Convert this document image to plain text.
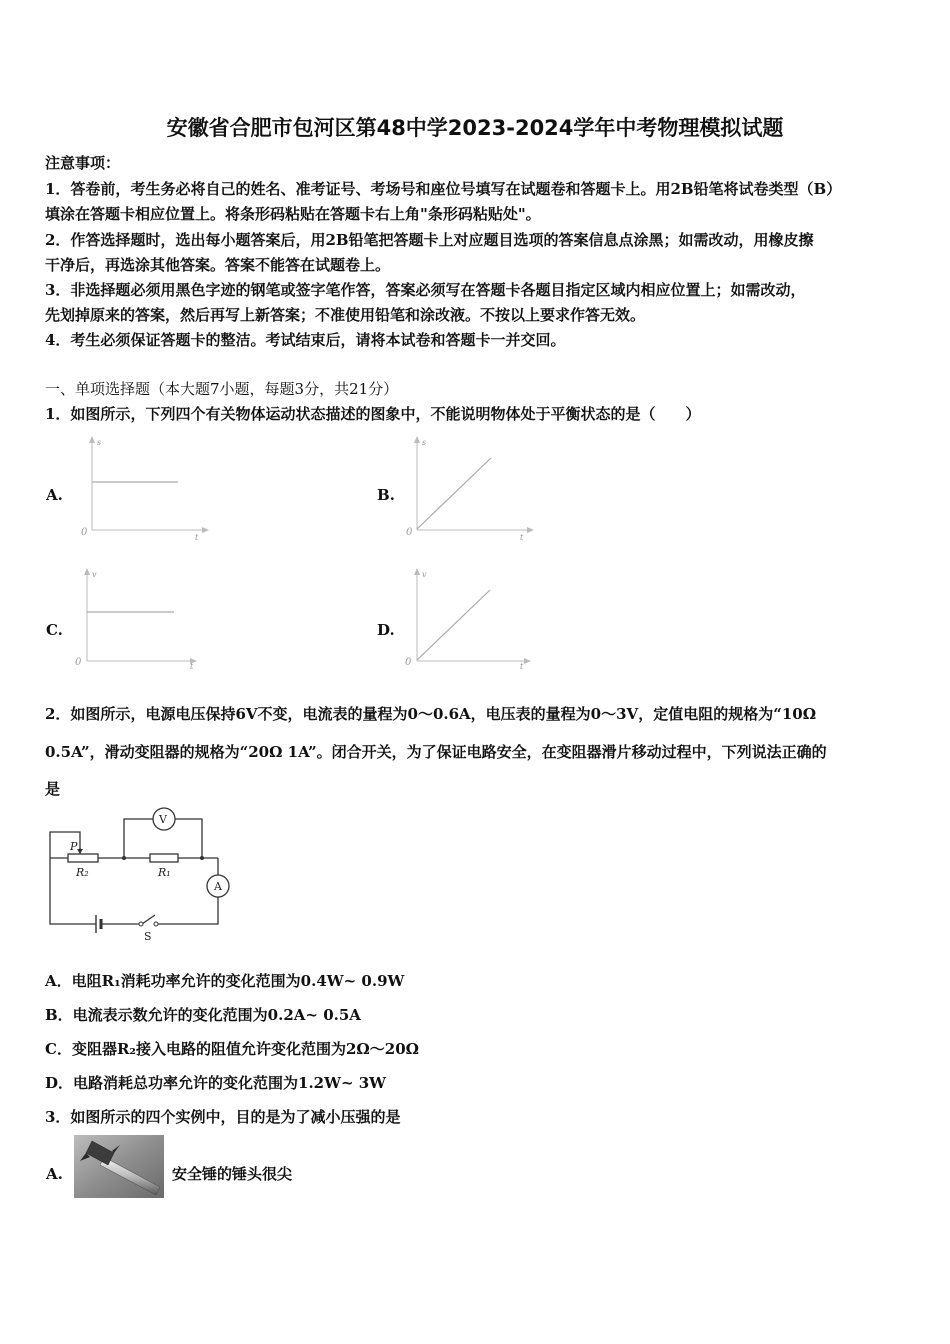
安徽省合肥市包河区第48中学2023-2024学年中考物理模拟试题
注意事项：
1．答卷前，考生务必将自己的姓名、准考证号、考场号和座位号填写在试题卷和答题卡上。用2B铅笔将试卷类型（B）
填涂在答题卡相应位置上。将条形码粘贴在答题卡右上角"条形码粘贴处"。
2．作答选择题时，选出每小题答案后，用2B铅笔把答题卡上对应题目选项的答案信息点涂黑；如需改动，用橡皮擦
干净后，再选涂其他答案。答案不能答在试题卷上。
3．非选择题必须用黑色字迹的钢笔或签字笔作答，答案必须写在答题卡各题目指定区域内相应位置上；如需改动，
先划掉原来的答案，然后再写上新答案；不准使用铅笔和涂改液。不按以上要求作答无效。
4．考生必须保证答题卡的整洁。考试结束后，请将本试卷和答题卡一并交回。
一、单项选择题（本大题7小题，每题3分，共21分）
1．如图所示，下列四个有关物体运动状态描述的图象中，不能说明物体处于平衡状态的是（　　）
A.
s
t
0
B.
s
t
0
C.
v
t
0
D.
v
t
0
2．如图所示，电源电压保持6V不变，电流表的量程为0～0.6A，电压表的量程为0～3V，定值电阻的规格为“10Ω
0.5A”，滑动变阻器的规格为“20Ω 1A”。闭合开关，为了保证电路安全，在变阻器滑片移动过程中，下列说法正确的
是
V
A
P
R₂	R₁
S
A．电阻R₁消耗功率允许的变化范围为0.4W~ 0.9W
B．电流表示数允许的变化范围为0.2A~ 0.5A
C．变阻器R₂接入电路的阻值允许变化范围为2Ω～20Ω
D．电路消耗总功率允许的变化范围为1.2W~ 3W
3．如图所示的四个实例中，目的是为了减小压强的是
A.	安全锤的锤头很尖
